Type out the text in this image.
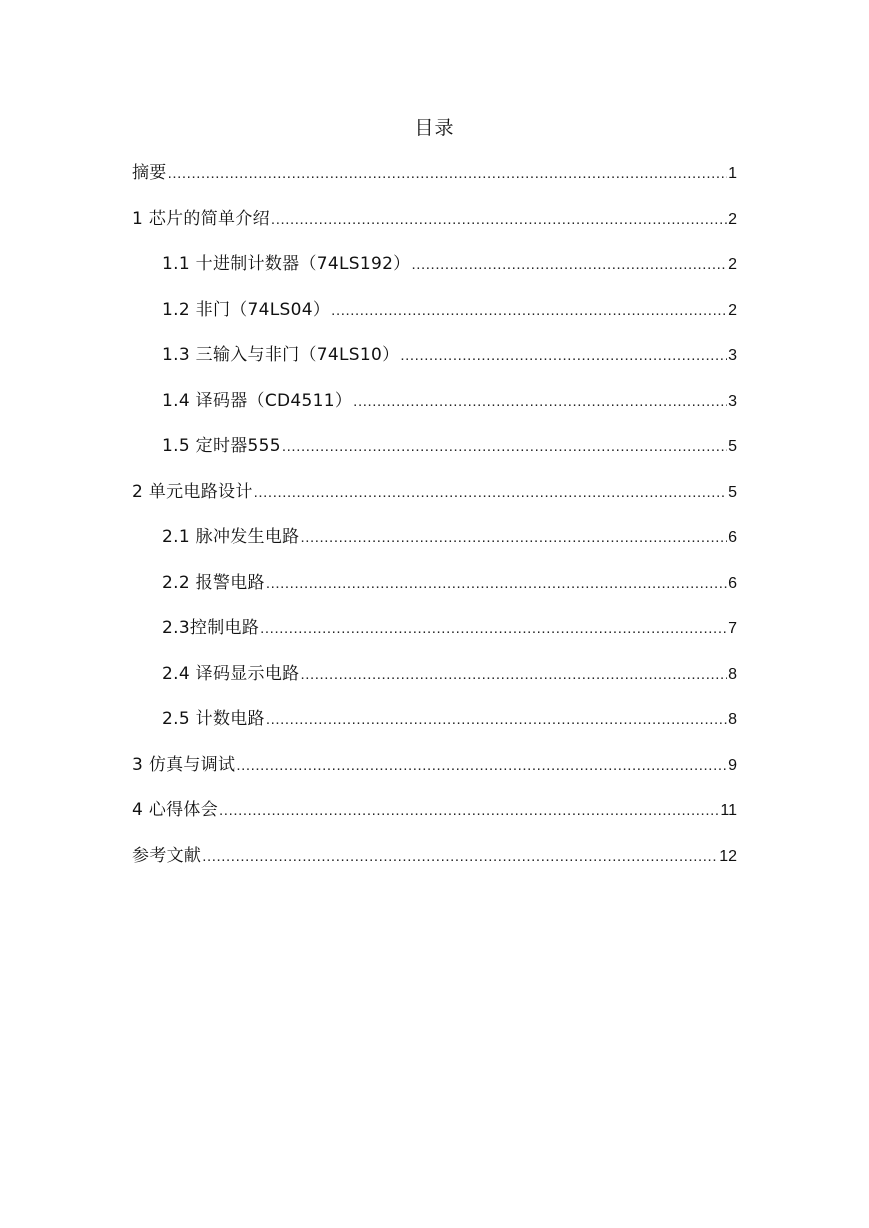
目录
摘要 .....	1
1 芯片的简单介绍 .....	2
1.1 十进制计数器（74LS192） .....	2
1.2 非门（74LS04） .....	2
1.3 三输入与非门（74LS10） .....	3
1.4 译码器（CD4511） .....	3
1.5 定时器555 .....	5
2 单元电路设计 .....	5
2.1 脉冲发生电路 .....	6
2.2 报警电路 .....	6
2.3控制电路 .....	7
2.4 译码显示电路 .....	8
2.5 计数电路 .....	8
3 仿真与调试 .....	9
4 心得体会 .....	11
参考文献 .....	12
